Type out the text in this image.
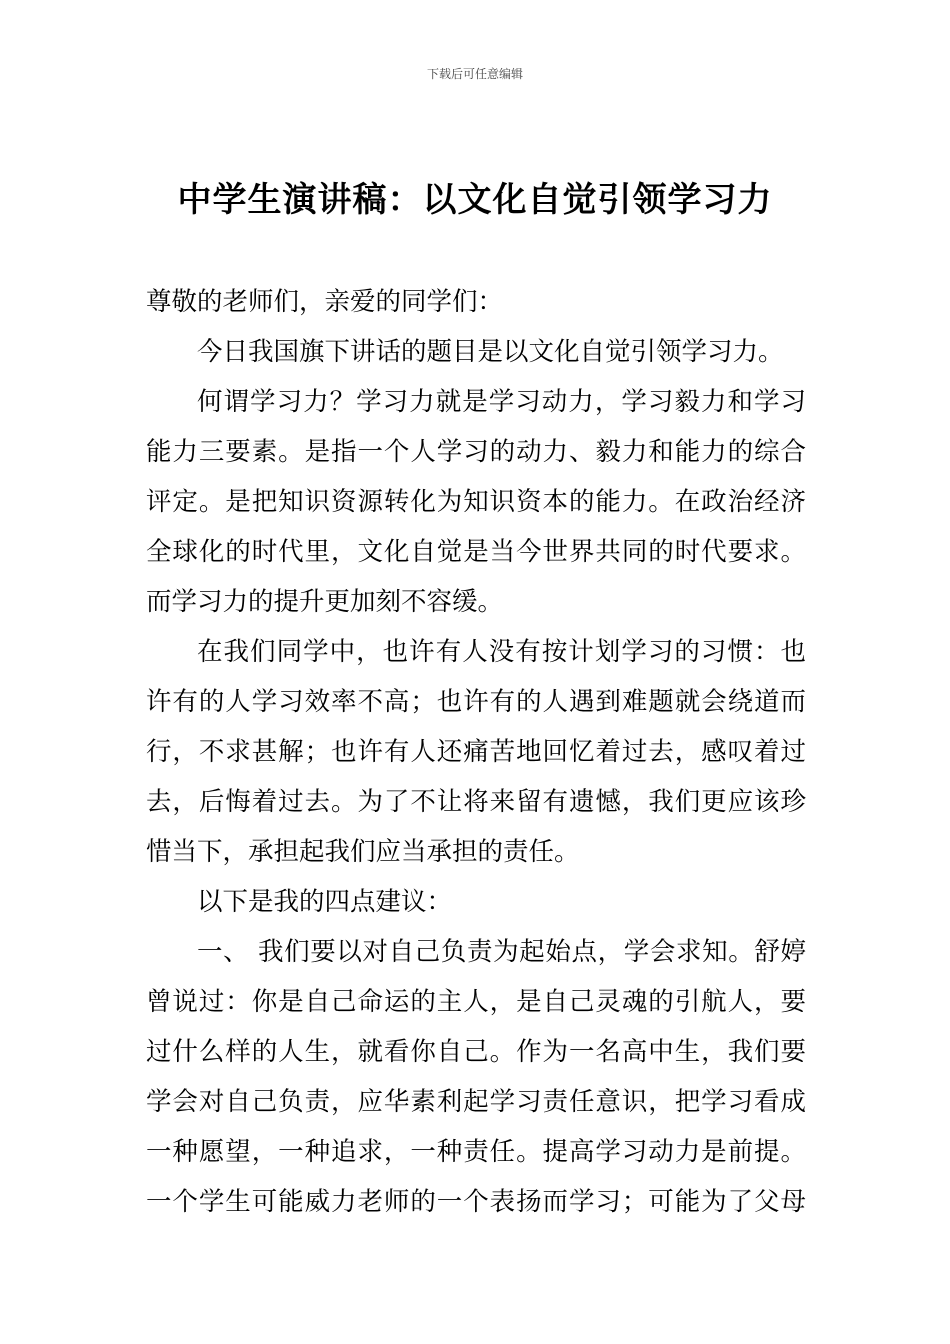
下载后可任意编辑
中学生演讲稿：以文化自觉引领学习力
尊敬的老师们，亲爱的同学们：
今日我国旗下讲话的题目是以文化自觉引领学习力。
何谓学习力？学习力就是学习动力，学习毅力和学习
能力三要素。是指一个人学习的动力、毅力和能力的综合
评定。是把知识资源转化为知识资本的能力。在政治经济
全球化的时代里，文化自觉是当今世界共同的时代要求。
而学习力的提升更加刻不容缓。
在我们同学中，也许有人没有按计划学习的习惯：也
许有的人学习效率不高；也许有的人遇到难题就会绕道而
行，不求甚解；也许有人还痛苦地回忆着过去，感叹着过
去，后悔着过去。为了不让将来留有遗憾，我们更应该珍
惜当下，承担起我们应当承担的责任。
以下是我的四点建议：
一、 我们要以对自己负责为起始点，学会求知。舒婷
曾说过：你是自己命运的主人，是自己灵魂的引航人，要
过什么样的人生，就看你自己。作为一名高中生，我们要
学会对自己负责，应华素利起学习责任意识，把学习看成
一种愿望，一种追求，一种责任。提高学习动力是前提。
一个学生可能威力老师的一个表扬而学习；可能为了父母
